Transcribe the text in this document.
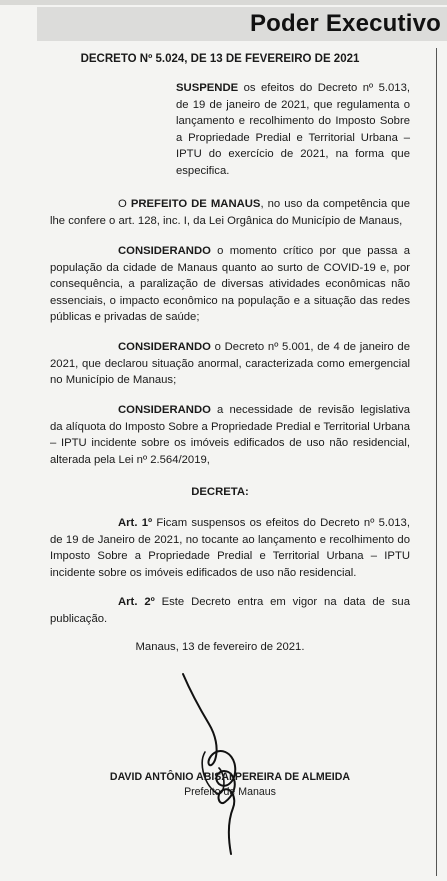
Poder Executivo
DECRETO Nº 5.024, DE 13 DE FEVEREIRO DE 2021

SUSPENDE os efeitos do Decreto nº 5.013, de 19 de janeiro de 2021, que regulamenta o lançamento e recolhimento do Imposto Sobre a Propriedade Predial e Territorial Urbana – IPTU do exercício de 2021, na forma que especifica.

O PREFEITO DE MANAUS, no uso da competência que lhe confere o art. 128, inc. I, da Lei Orgânica do Município de Manaus,

CONSIDERANDO o momento crítico por que passa a população da cidade de Manaus quanto ao surto de COVID-19 e, por consequência, a paralização de diversas atividades econômicas não essenciais, o impacto econômico na população e a situação das redes públicas e privadas de saúde;

CONSIDERANDO o Decreto nº 5.001, de 4 de janeiro de 2021, que declarou situação anormal, caracterizada como emergencial no Município de Manaus;

CONSIDERANDO a necessidade de revisão legislativa da alíquota do Imposto Sobre a Propriedade Predial e Territorial Urbana – IPTU incidente sobre os imóveis edificados de uso não residencial, alterada pela Lei nº 2.564/2019,

DECRETA:

Art. 1º Ficam suspensos os efeitos do Decreto nº 5.013, de 19 de Janeiro de 2021, no tocante ao lançamento e recolhimento do Imposto Sobre a Propriedade Predial e Territorial Urbana – IPTU incidente sobre os imóveis edificados de uso não residencial.

Art. 2º Este Decreto entra em vigor na data de sua publicação.

Manaus, 13 de fevereiro de 2021.
DAVID ANTÔNIO ABISAI PEREIRA DE ALMEIDA
Prefeito de Manaus
